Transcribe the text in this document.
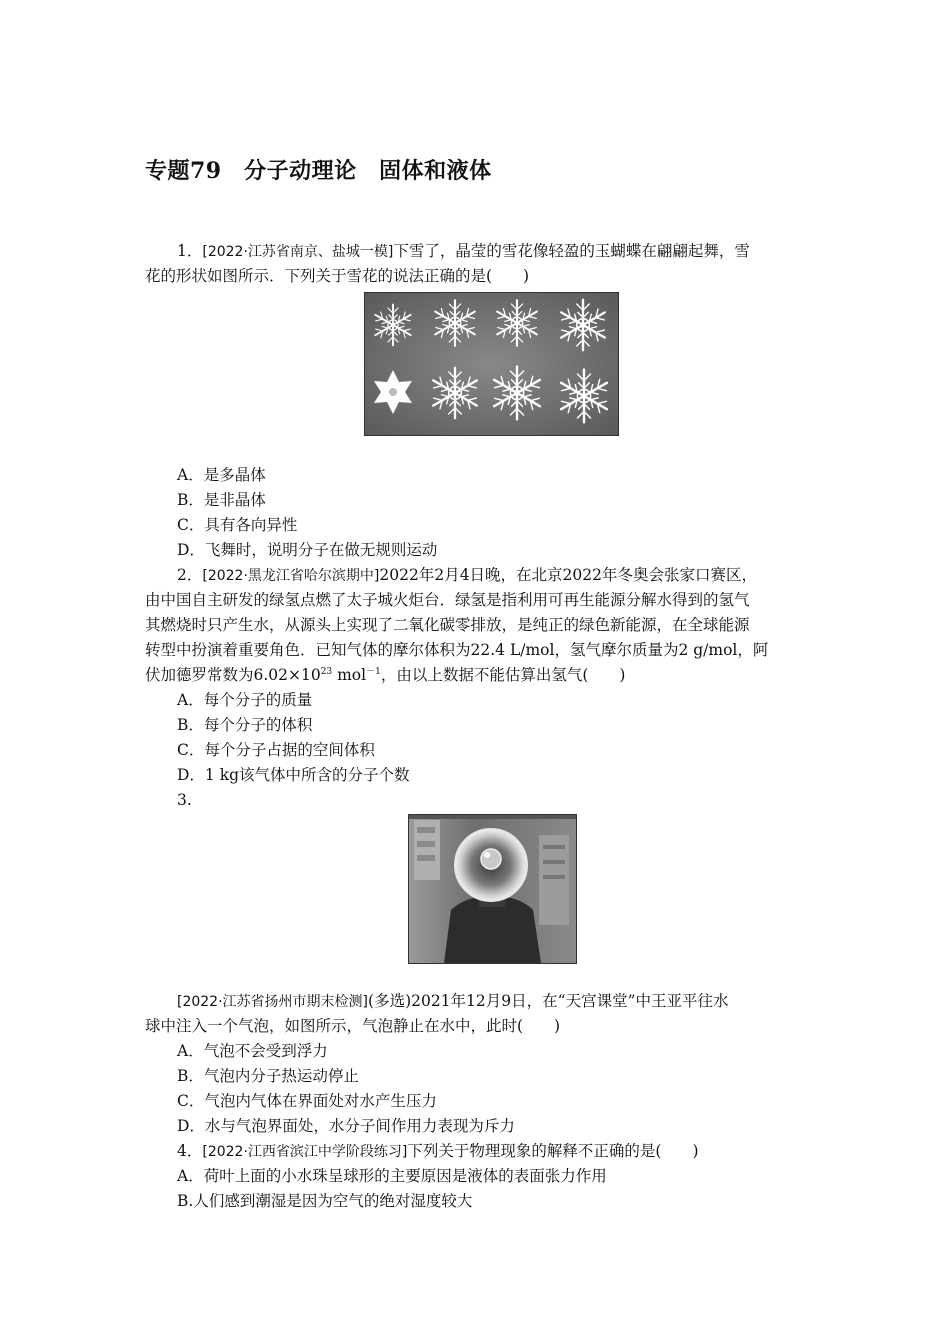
专题79　分子动理论　固体和液体
1．[2022·江苏省南京、盐城一模]下雪了，晶莹的雪花像轻盈的玉蝴蝶在翩翩起舞，雪
花的形状如图所示．下列关于雪花的说法正确的是(　　)
A．是多晶体
B．是非晶体
C．具有各向异性
D．飞舞时，说明分子在做无规则运动
2．[2022·黑龙江省哈尔滨期中]2022年2月4日晚，在北京2022年冬奥会张家口赛区，
由中国自主研发的绿氢点燃了太子城火炬台．绿氢是指利用可再生能源分解水得到的氢气
其燃烧时只产生水，从源头上实现了二氧化碳零排放，是纯正的绿色新能源，在全球能源
转型中扮演着重要角色．已知气体的摩尔体积为22.4 L/mol，氢气摩尔质量为2 g/mol，阿
伏加德罗常数为$6.02\times 10^{23}$ mol$^{-1}$，由以上数据不能估算出氢气(　　)
A．每个分子的质量
B．每个分子的体积
C．每个分子占据的空间体积
D．1 kg该气体中所含的分子个数
3.
[2022·江苏省扬州市期末检测](多选)2021年12月9日，在“天宫课堂”中王亚平往水
球中注入一个气泡，如图所示，气泡静止在水中，此时(　　)
A．气泡不会受到浮力
B．气泡内分子热运动停止
C．气泡内气体在界面处对水产生压力
D．水与气泡界面处，水分子间作用力表现为斥力
4．[2022·江西省滨江中学阶段练习]下列关于物理现象的解释不正确的是(　　)
A．荷叶上面的小水珠呈球形的主要原因是液体的表面张力作用
B.人们感到潮湿是因为空气的绝对湿度较大
